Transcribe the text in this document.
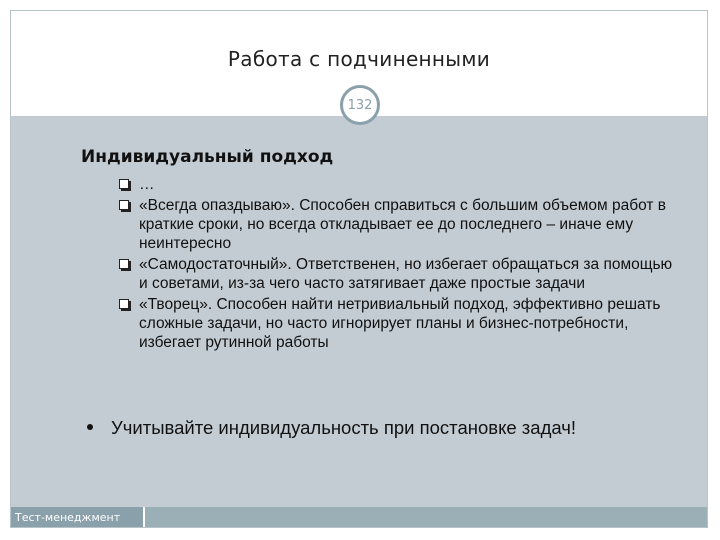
Работа с подчиненными
132
Индивидуальный подход
…
«Всегда опаздываю». Способен справиться с большим объемом работ в краткие сроки, но всегда откладывает ее до последнего – иначе ему неинтересно
«Самодостаточный». Ответственен, но избегает обращаться за помощью и советами, из-за чего часто затягивает даже простые задачи
«Творец». Способен найти нетривиальный подход, эффективно решать сложные задачи, но часто игнорирует планы и бизнес-потребности, избегает рутинной работы
Учитывайте индивидуальность при постановке задач!
Тест-менеджмент
